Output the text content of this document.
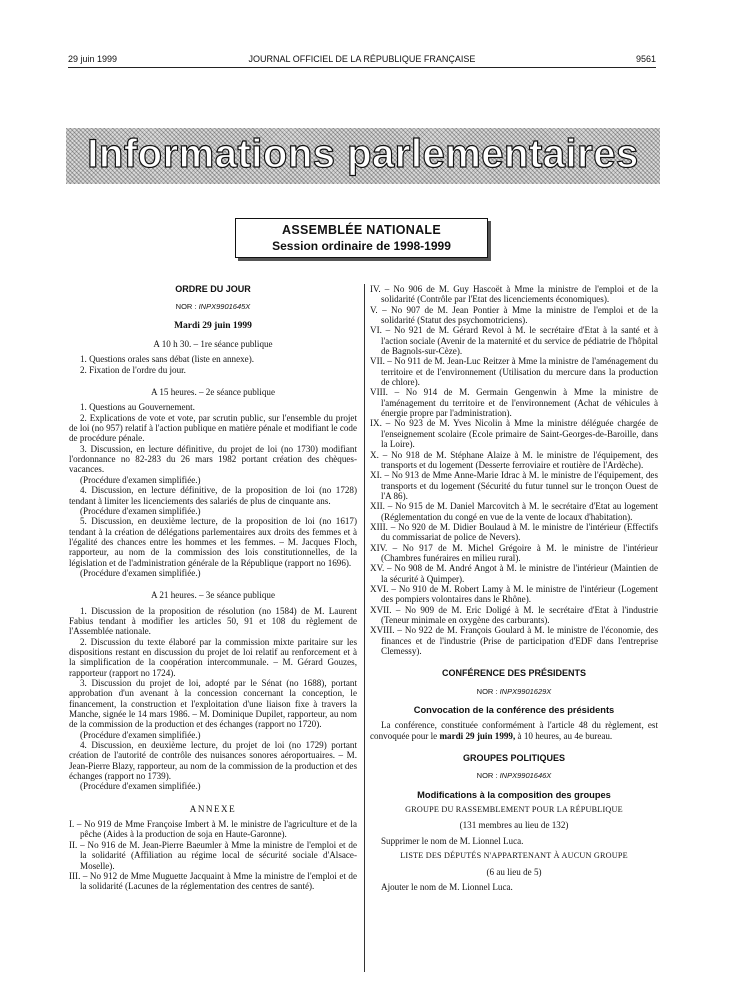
29 juin 1999	JOURNAL OFFICIEL DE LA RÉPUBLIQUE FRANÇAISE	9561
Informations parlementaires
ASSEMBLÉE NATIONALE
Session ordinaire de 1998-1999

ORDRE DU JOUR

NOR : INPX9901645X

Mardi 29 juin 1999

A 10 h 30. – 1re séance publique

1. Questions orales sans débat (liste en annexe).

2. Fixation de l'ordre du jour.

A 15 heures. – 2e séance publique

1. Questions au Gouvernement.

2. Explications de vote et vote, par scrutin public, sur l'ensemble du projet de loi (no 957) relatif à l'action publique en matière pénale et modifiant le code de procédure pénale.

3. Discussion, en lecture définitive, du projet de loi (no 1730) modifiant l'ordonnance no 82-283 du 26 mars 1982 portant création des chèques-vacances.

(Procédure d'examen simplifiée.)

4. Discussion, en lecture définitive, de la proposition de loi (no 1728) tendant à limiter les licenciements des salariés de plus de cinquante ans.

(Procédure d'examen simplifiée.)

5. Discussion, en deuxième lecture, de la proposition de loi (no 1617) tendant à la création de délégations parlementaires aux droits des femmes et à l'égalité des chances entre les hommes et les femmes. – M. Jacques Floch, rapporteur, au nom de la commission des lois constitutionnelles, de la législation et de l'administration générale de la République (rapport no 1696).

(Procédure d'examen simplifiée.)

A 21 heures. – 3e séance publique

1. Discussion de la proposition de résolution (no 1584) de M. Laurent Fabius tendant à modifier les articles 50, 91 et 108 du règlement de l'Assemblée nationale.

2. Discussion du texte élaboré par la commission mixte paritaire sur les dispositions restant en discussion du projet de loi relatif au renforcement et à la simplification de la coopération intercommunale. – M. Gérard Gouzes, rapporteur (rapport no 1724).

3. Discussion du projet de loi, adopté par le Sénat (no 1688), portant approbation d'un avenant à la concession concernant la conception, le financement, la construction et l'exploitation d'une liaison fixe à travers la Manche, signée le 14 mars 1986. – M. Dominique Dupilet, rapporteur, au nom de la commission de la production et des échanges (rapport no 1720).

(Procédure d'examen simplifiée.)

4. Discussion, en deuxième lecture, du projet de loi (no 1729) portant création de l'autorité de contrôle des nuisances sonores aéroportuaires. – M. Jean-Pierre Blazy, rapporteur, au nom de la commission de la production et des échanges (rapport no 1739).

(Procédure d'examen simplifiée.)

ANNEXE

I. – No 919 de Mme Françoise Imbert à M. le ministre de l'agriculture et de la pêche (Aides à la production de soja en Haute-Garonne).

II. – No 916 de M. Jean-Pierre Baeumler à Mme la ministre de l'emploi et de la solidarité (Affiliation au régime local de sécurité sociale d'Alsace-Moselle).

III. – No 912 de Mme Muguette Jacquaint à Mme la ministre de l'emploi et de la solidarité (Lacunes de la réglementation des centres de santé).

IV. – No 906 de M. Guy Hascoët à Mme la ministre de l'emploi et de la solidarité (Contrôle par l'Etat des licenciements économiques).

V. – No 907 de M. Jean Pontier à Mme la ministre de l'emploi et de la solidarité (Statut des psychomotriciens).

VI. – No 921 de M. Gérard Revol à M. le secrétaire d'Etat à la santé et à l'action sociale (Avenir de la maternité et du service de pédiatrie de l'hôpital de Bagnols-sur-Cèze).

VII. – No 911 de M. Jean-Luc Reitzer à Mme la ministre de l'aménagement du territoire et de l'environnement (Utilisation du mercure dans la production de chlore).

VIII. – No 914 de M. Germain Gengenwin à Mme la ministre de l'aménagement du territoire et de l'environnement (Achat de véhicules à énergie propre par l'administration).

IX. – No 923 de M. Yves Nicolin à Mme la ministre déléguée chargée de l'enseignement scolaire (Ecole primaire de Saint-Georges-de-Baroille, dans la Loire).

X. – No 918 de M. Stéphane Alaize à M. le ministre de l'équipement, des transports et du logement (Desserte ferroviaire et routière de l'Ardèche).

XI. – No 913 de Mme Anne-Marie Idrac à M. le ministre de l'équipement, des transports et du logement (Sécurité du futur tunnel sur le tronçon Ouest de l'A 86).

XII. – No 915 de M. Daniel Marcovitch à M. le secrétaire d'Etat au logement (Réglementation du congé en vue de la vente de locaux d'habitation).

XIII. – No 920 de M. Didier Boulaud à M. le ministre de l'intérieur (Effectifs du commissariat de police de Nevers).

XIV. – No 917 de M. Michel Grégoire à M. le ministre de l'intérieur (Chambres funéraires en milieu rural).

XV. – No 908 de M. André Angot à M. le ministre de l'intérieur (Maintien de la sécurité à Quimper).

XVI. – No 910 de M. Robert Lamy à M. le ministre de l'intérieur (Logement des pompiers volontaires dans le Rhône).

XVII. – No 909 de M. Eric Doligé à M. le secrétaire d'Etat à l'industrie (Teneur minimale en oxygène des carburants).

XVIII. – No 922 de M. François Goulard à M. le ministre de l'économie, des finances et de l'industrie (Prise de participation d'EDF dans l'entreprise Clemessy).

CONFÉRENCE DES PRÉSIDENTS

NOR : INPX9901629X

Convocation de la conférence des présidents

La conférence, constituée conformément à l'article 48 du règlement, est convoquée pour le mardi 29 juin 1999, à 10 heures, au 4e bureau.

GROUPES POLITIQUES

NOR : INPX9901646X

Modifications à la composition des groupes

GROUPE DU RASSEMBLEMENT POUR LA RÉPUBLIQUE

(131 membres au lieu de 132)

Supprimer le nom de M. Lionnel Luca.

LISTE DES DÉPUTÉS N'APPARTENANT À AUCUN GROUPE

(6 au lieu de 5)

Ajouter le nom de M. Lionnel Luca.
